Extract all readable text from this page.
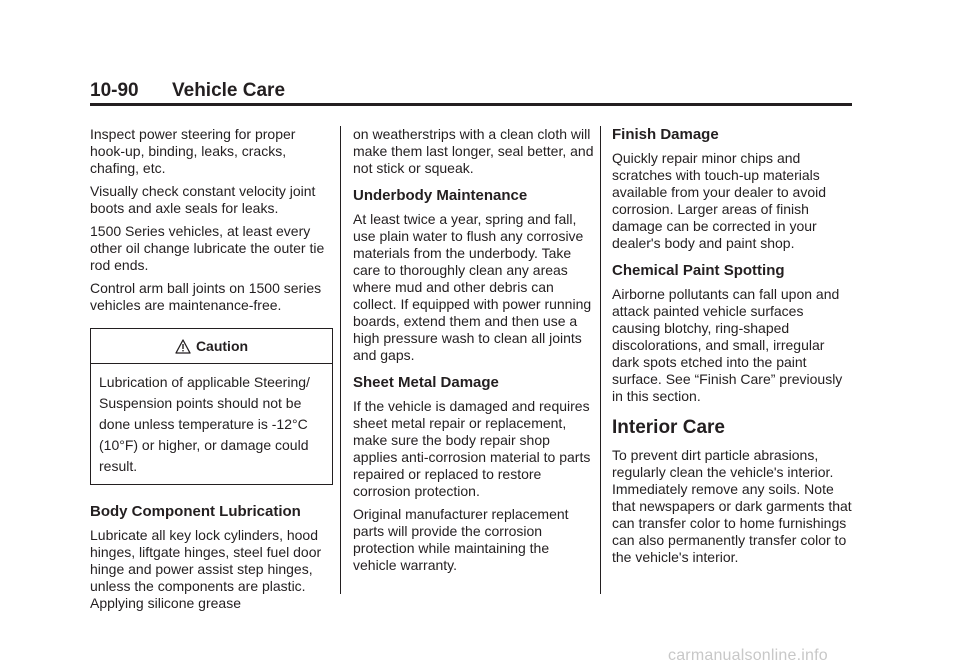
10-90 Vehicle Care

Inspect power steering for proper hook-up, binding, leaks, cracks, chafing, etc.

Visually check constant velocity joint boots and axle seals for leaks.

1500 Series vehicles, at least every other oil change lubricate the outer tie rod ends.

Control arm ball joints on 1500 series vehicles are maintenance-free.

Caution
Lubrication of applicable Steering/ Suspension points should not be done unless temperature is -12°C (10°F) or higher, or damage could result.
Body Component Lubrication

Lubricate all key lock cylinders, hood hinges, liftgate hinges, steel fuel door hinge and power assist step hinges, unless the components are plastic. Applying silicone grease

on weatherstrips with a clean cloth will make them last longer, seal better, and not stick or squeak.

Underbody Maintenance

At least twice a year, spring and fall, use plain water to flush any corrosive materials from the underbody. Take care to thoroughly clean any areas where mud and other debris can collect. If equipped with power running boards, extend them and then use a high pressure wash to clean all joints and gaps.

Sheet Metal Damage

If the vehicle is damaged and requires sheet metal repair or replacement, make sure the body repair shop applies anti-corrosion material to parts repaired or replaced to restore corrosion protection.

Original manufacturer replacement parts will provide the corrosion protection while maintaining the vehicle warranty.

Finish Damage

Quickly repair minor chips and scratches with touch-up materials available from your dealer to avoid corrosion. Larger areas of finish damage can be corrected in your dealer's body and paint shop.

Chemical Paint Spotting

Airborne pollutants can fall upon and attack painted vehicle surfaces causing blotchy, ring-shaped discolorations, and small, irregular dark spots etched into the paint surface. See “Finish Care” previously in this section.

Interior Care

To prevent dirt particle abrasions, regularly clean the vehicle's interior. Immediately remove any soils. Note that newspapers or dark garments that can transfer color to home furnishings can also permanently transfer color to the vehicle's interior.

carmanualsonline.info
